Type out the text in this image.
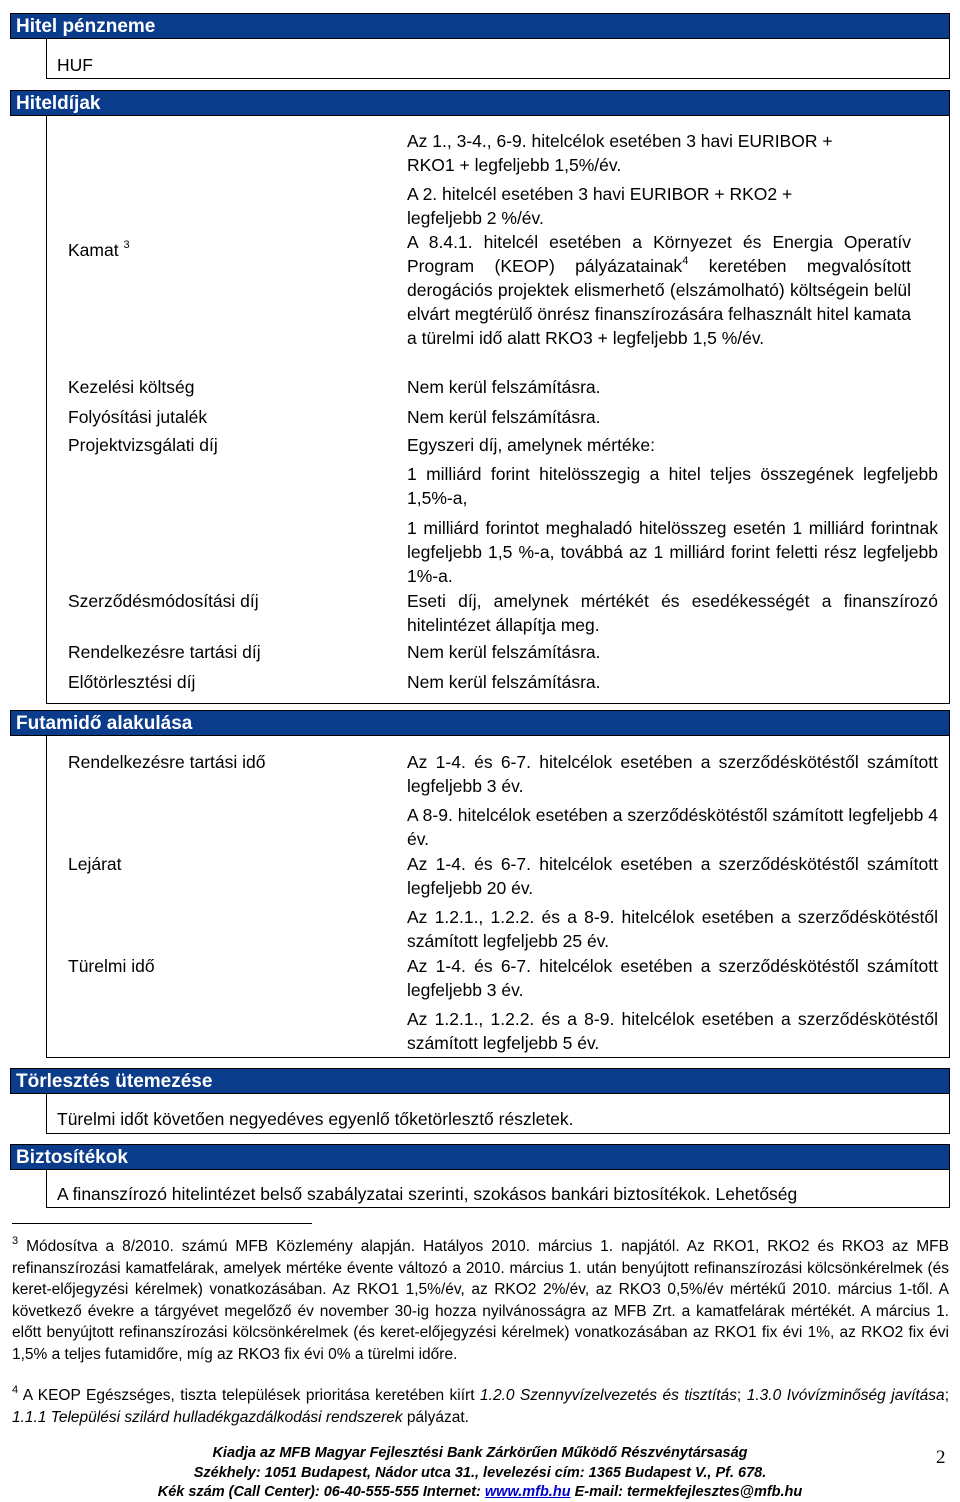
Hitel pénzneme
HUF
Hiteldíjak
Kamat $^3$
Az 1., 3-4., 6-9. hitelcélok esetében 3 havi EURIBOR +
RKO1 + legfeljebb 1,5%/év.
A 2. hitelcél esetében 3 havi EURIBOR + RKO2 +
legfeljebb 2 %/év.
A 8.4.1. hitelcél esetében a Környezet és Energia Operatív Program (KEOP) pályázatainak$^4$ keretében megvalósított derogációs projektek elismerhető (elszámolható) költségein belül elvárt megtérülő önrész finanszírozására felhasznált hitel kamata a türelmi idő alatt RKO3 + legfeljebb 1,5 %/év.
Kezelési költség	Nem kerül felszámításra.
Folyósítási jutalék	Nem kerül felszámításra.
Projektvizsgálati díj	Egyszeri díj, amelynek mértéke:
1 milliárd forint hitelösszegig a hitel teljes összegének legfeljebb 1,5%-a,
1 milliárd forintot meghaladó hitelösszeg esetén 1 milliárd forintnak legfeljebb 1,5 %-a, továbbá az 1 milliárd forint feletti rész legfeljebb 1%-a.
Szerződésmódosítási díj	Eseti díj, amelynek mértékét és esedékességét a finanszírozó hitelintézet állapítja meg.
Rendelkezésre tartási díj	Nem kerül felszámításra.
Előtörlesztési díj	Nem kerül felszámításra.
Futamidő alakulása
Rendelkezésre tartási idő	Az 1-4. és 6-7. hitelcélok esetében a szerződéskötéstől számított legfeljebb 3 év.
A 8-9. hitelcélok esetében a szerződéskötéstől számított legfeljebb 4 év.
Lejárat	Az 1-4. és 6-7. hitelcélok esetében a szerződéskötéstől számított legfeljebb 20 év.
Az 1.2.1., 1.2.2. és a 8-9. hitelcélok esetében a szerződéskötéstől számított legfeljebb 25 év.
Türelmi idő	Az 1-4. és 6-7. hitelcélok esetében a szerződéskötéstől számított legfeljebb 3 év.
Az 1.2.1., 1.2.2. és a 8-9. hitelcélok esetében a szerződéskötéstől számított legfeljebb 5 év.
Törlesztés ütemezése
Türelmi időt követően negyedéves egyenlő tőketörlesztő részletek.
Biztosítékok
A finanszírozó hitelintézet belső szabályzatai szerinti, szokásos bankári biztosítékok. Lehetőség
$^3$ Módosítva a 8/2010. számú MFB Közlemény alapján. Hatályos 2010. március 1. napjától. Az RKO1, RKO2 és RKO3 az MFB refinanszírozási kamatfelárak, amelyek mértéke évente változó a 2010. március 1. után benyújtott refinanszírozási kölcsönkérelmek (és keret-előjegyzési kérelmek) vonatkozásában. Az RKO1 1,5%/év, az RKO2 2%/év, az RKO3 0,5%/év mértékű 2010. március 1-től. A következő évekre a tárgyévet megelőző év november 30-ig hozza nyilvánosságra az MFB Zrt. a kamatfelárak mértékét. A március 1. előtt benyújtott refinanszírozási kölcsönkérelmek (és keret-előjegyzési kérelmek) vonatkozásában az RKO1 fix évi 1%, az RKO2 fix évi 1,5% a teljes futamidőre, míg az RKO3 fix évi 0% a türelmi időre.
$^4$ A KEOP Egészséges, tiszta települések prioritása keretében kiírt 1.2.0 Szennyvízelvezetés és tisztítás; 1.3.0 Ivóvízminőség javítása; 1.1.1 Települési szilárd hulladékgazdálkodási rendszerek pályázat.
Kiadja az MFB Magyar Fejlesztési Bank Zárkörűen Működő Részvénytársaság
Székhely: 1051 Budapest, Nádor utca 31., levelezési cím: 1365 Budapest V., Pf. 678.
Kék szám (Call Center): 06-40-555-555 Internet: www.mfb.hu E-mail: termekfejlesztes@mfb.hu
2
